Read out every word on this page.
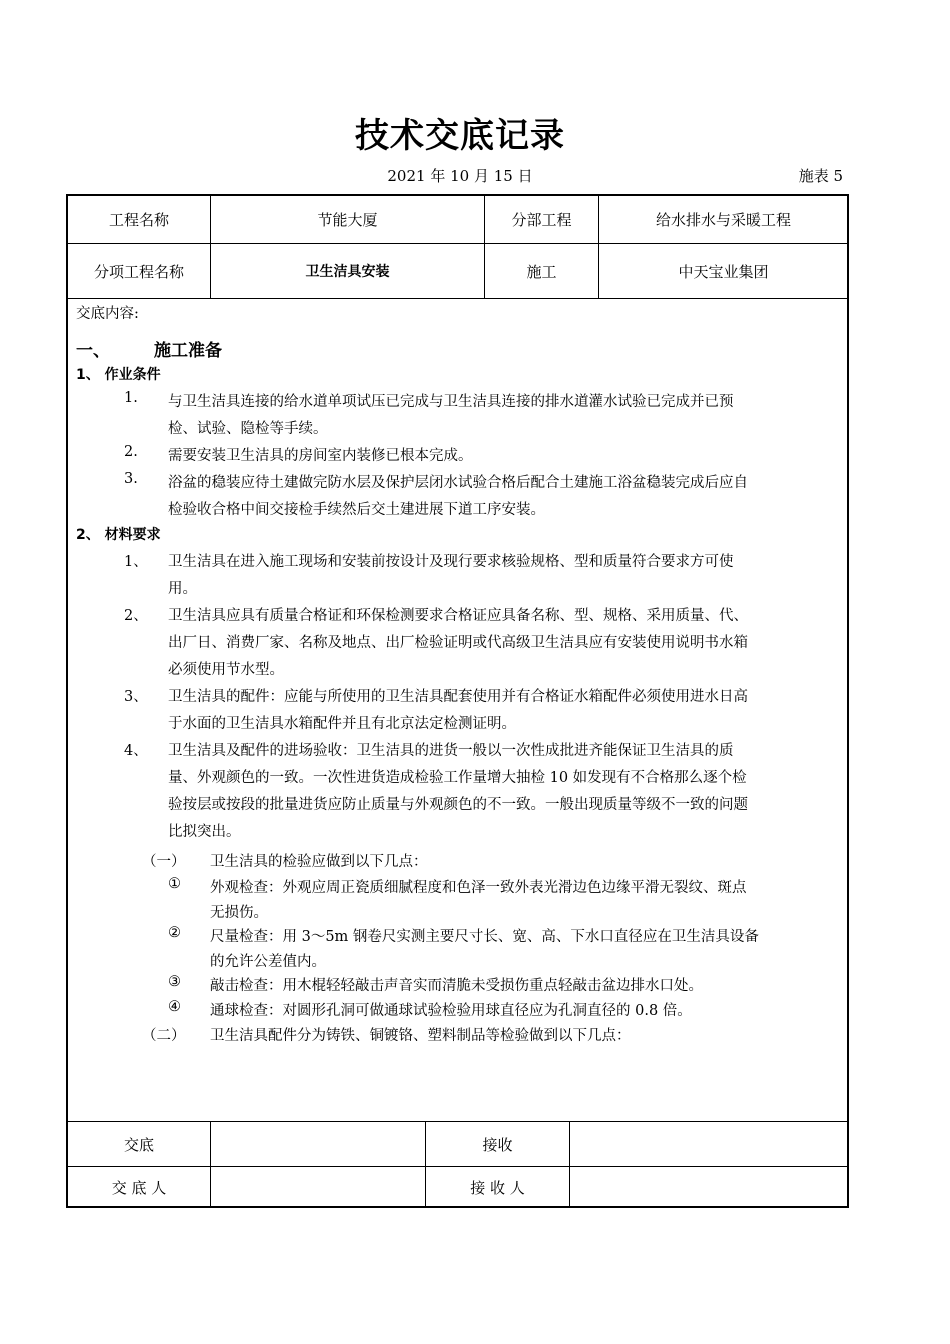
技术交底记录
2021 年 10 月 15 日	施表 5
工程名称	节能大厦	分部工程	给水排水与采暖工程
分项工程名称	卫生洁具安装	施工	中天宝业集团
交底内容:
一、	施工准备
1、 作业条件
1. 与卫生洁具连接的给水道单项试压已完成与卫生洁具连接的排水道灌水试验已完成并已预
检、试验、隐检等手续。
2. 需要安装卫生洁具的房间室内装修已根本完成。
3. 浴盆的稳装应待土建做完防水层及保护层闭水试验合格后配合土建施工浴盆稳装完成后应自
检验收合格中间交接检手续然后交土建进展下道工序安装。
2、 材料要求
1、 卫生洁具在进入施工现场和安装前按设计及现行要求核验规格、型和质量符合要求方可使
用。
2、 卫生洁具应具有质量合格证和环保检测要求合格证应具备名称、型、规格、采用质量、代、
出厂日、消费厂家、名称及地点、出厂检验证明或代高级卫生洁具应有安装使用说明书水箱
必须使用节水型。
3、 卫生洁具的配件：应能与所使用的卫生洁具配套使用并有合格证水箱配件必须使用进水日高
于水面的卫生洁具水箱配件并且有北京法定检测证明。
4、 卫生洁具及配件的进场验收：卫生洁具的进货一般以一次性成批进齐能保证卫生洁具的质
量、外观颜色的一致。一次性进货造成检验工作量增大抽检 10 如发现有不合格那么逐个检
验按层或按段的批量进货应防止质量与外观颜色的不一致。一般出现质量等级不一致的问题
比拟突出。
（一） 卫生洁具的检验应做到以下几点：
① 外观检查：外观应周正瓷质细腻程度和色泽一致外表光滑边色边缘平滑无裂纹、斑点
无损伤。
② 尺量检查：用 3～5m 钢卷尺实测主要尺寸长、宽、高、下水口直径应在卫生洁具设备
的允许公差值内。
③ 敲击检查：用木棍轻轻敲击声音实而清脆未受损伤重点轻敲击盆边排水口处。
④ 通球检查：对圆形孔洞可做通球试验检验用球直径应为孔洞直径的 0.8 倍。
（二） 卫生洁具配件分为铸铁、铜镀铬、塑料制品等检验做到以下几点：
交底	接收
交 底 人	接 收 人
